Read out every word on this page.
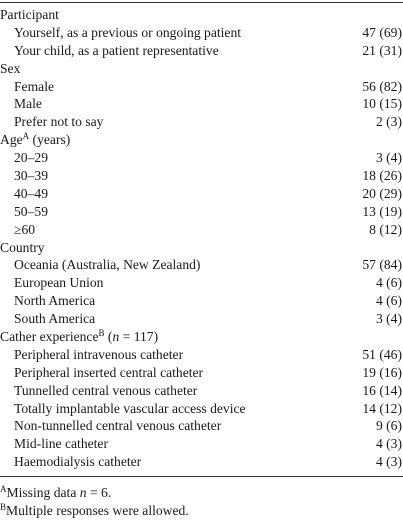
Participant
Yourself, as a previous or ongoing patient	47 (69)
Your child, as a patient representative	21 (31)
Sex
Female	56 (82)
Male	10 (15)
Prefer not to say	2 (3)
Age$^A$ (years)
20–29	3 (4)
30–39	18 (26)
40–49	20 (29)
50–59	13 (19)
≥60	8 (12)
Country
Oceania (Australia, New Zealand)	57 (84)
European Union	4 (6)
North America	4 (6)
South America	3 (4)
Cather experience$^B$ (n = 117)
Peripheral intravenous catheter	51 (46)
Peripheral inserted central catheter	19 (16)
Tunnelled central venous catheter	16 (14)
Totally implantable vascular access device	14 (12)
Non-tunnelled central venous catheter	9 (6)
Mid-line catheter	4 (3)
Haemodialysis catheter	4 (3)
$^A$Missing data n = 6.
$^B$Multiple responses were allowed.
